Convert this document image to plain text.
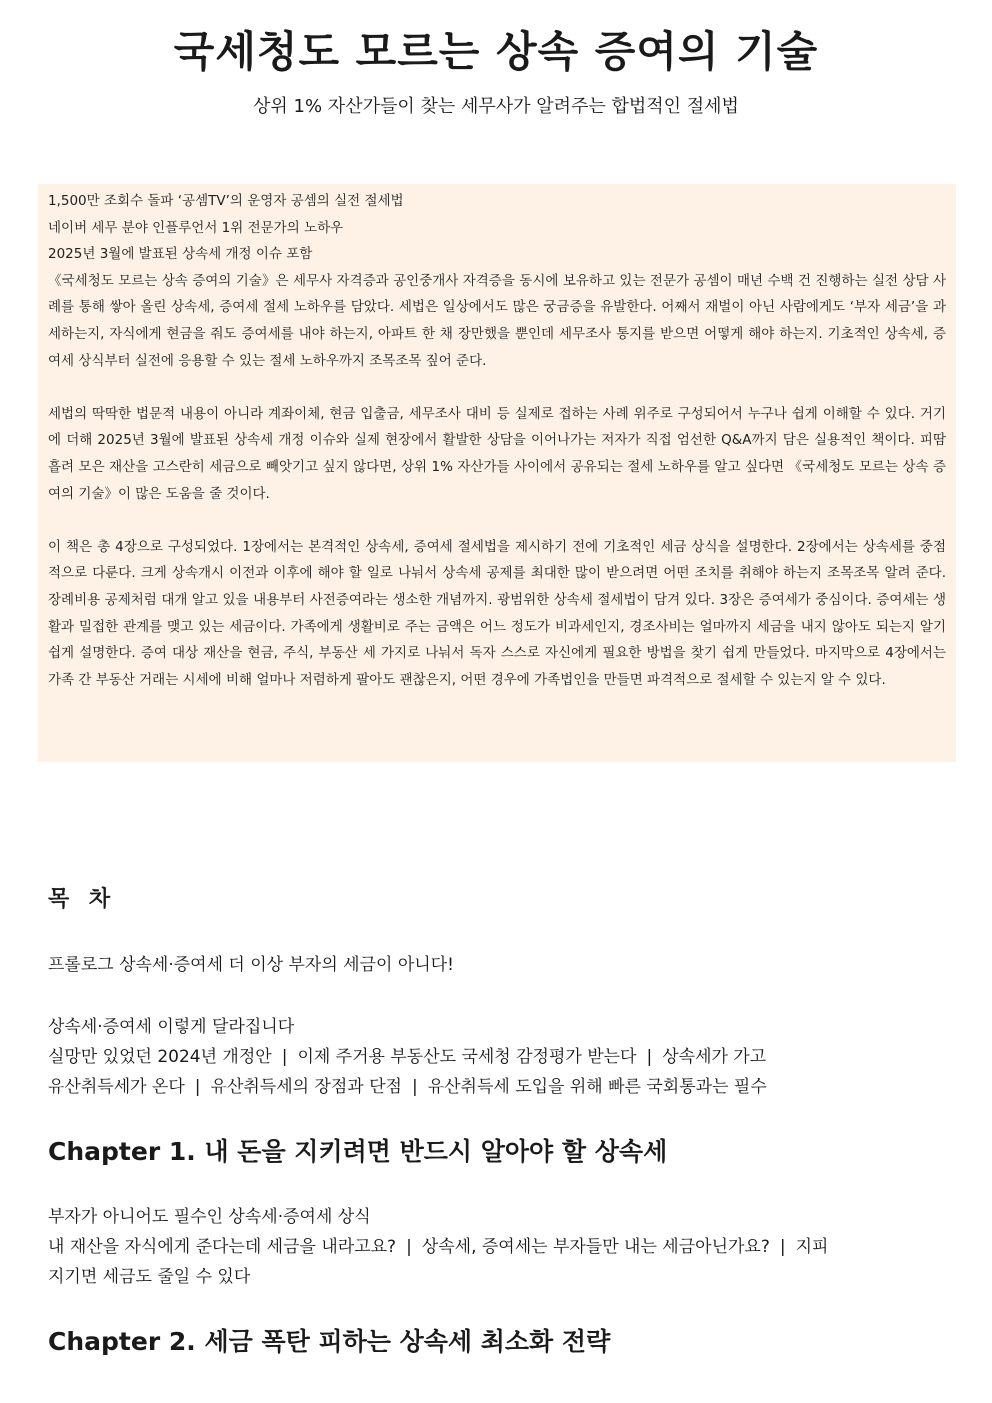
국세청도 모르는 상속 증여의 기술
상위 1% 자산가들이 찾는 세무사가 알려주는 합법적인 절세법

1,500만 조회수 돌파 ‘공셈TV’의 운영자 공셈의 실전 절세법

네이버 세무 분야 인플루언서 1위 전문가의 노하우

2025년 3월에 발표된 상속세 개정 이슈 포함

《국세청도 모르는 상속 증여의 기술》은 세무사 자격증과 공인중개사 자격증을 동시에 보유하고 있는 전문가 공셈이 매년 수백 건 진행하는 실전 상담 사례를 통해 쌓아 올린 상속세, 증여세 절세 노하우를 담았다. 세법은 일상에서도 많은 궁금증을 유발한다. 어째서 재벌이 아닌 사람에게도 ‘부자 세금’을 과세하는지, 자식에게 현금을 줘도 증여세를 내야 하는지, 아파트 한 채 장만했을 뿐인데 세무조사 통지를 받으면 어떻게 해야 하는지. 기초적인 상속세, 증여세 상식부터 실전에 응용할 수 있는 절세 노하우까지 조목조목 짚어 준다.

세법의 딱딱한 법문적 내용이 아니라 계좌이체, 현금 입출금, 세무조사 대비 등 실제로 접하는 사례 위주로 구성되어서 누구나 쉽게 이해할 수 있다. 거기에 더해 2025년 3월에 발표된 상속세 개정 이슈와 실제 현장에서 활발한 상담을 이어나가는 저자가 직접 엄선한 Q&A까지 담은 실용적인 책이다. 피땀 흘려 모은 재산을 고스란히 세금으로 빼앗기고 싶지 않다면, 상위 1% 자산가들 사이에서 공유되는 절세 노하우를 알고 싶다면 《국세청도 모르는 상속 증여의 기술》이 많은 도움을 줄 것이다.

이 책은 총 4장으로 구성되었다. 1장에서는 본격적인 상속세, 증여세 절세법을 제시하기 전에 기초적인 세금 상식을 설명한다. 2장에서는 상속세를 중점적으로 다룬다. 크게 상속개시 이전과 이후에 해야 할 일로 나눠서 상속세 공제를 최대한 많이 받으려면 어떤 조치를 취해야 하는지 조목조목 알려 준다. 장례비용 공제처럼 대개 알고 있을 내용부터 사전증여라는 생소한 개념까지. 광범위한 상속세 절세법이 담겨 있다. 3장은 증여세가 중심이다. 증여세는 생활과 밀접한 관계를 맺고 있는 세금이다. 가족에게 생활비로 주는 금액은 어느 정도가 비과세인지, 경조사비는 얼마까지 세금을 내지 않아도 되는지 알기 쉽게 설명한다. 증여 대상 재산을 현금, 주식, 부동산 세 가지로 나눠서 독자 스스로 자신에게 필요한 방법을 찾기 쉽게 만들었다. 마지막으로 4장에서는 가족 간 부동산 거래는 시세에 비해 얼마나 저렴하게 팔아도 괜찮은지, 어떤 경우에 가족법인을 만들면 파격적으로 절세할 수 있는지 알 수 있다.

목 차

프롤로그 상속세·증여세 더 이상 부자의 세금이 아니다!

상속세·증여세 이렇게 달라집니다

실망만 있었던 2024년 개정안 | 이제 주거용 부동산도 국세청 감정평가 받는다 | 상속세가 가고

유산취득세가 온다 | 유산취득세의 장점과 단점 | 유산취득세 도입을 위해 빠른 국회통과는 필수

Chapter 1. 내 돈을 지키려면 반드시 알아야 할 상속세

부자가 아니어도 필수인 상속세·증여세 상식

내 재산을 자식에게 준다는데 세금을 내라고요? | 상속세, 증여세는 부자들만 내는 세금아닌가요? | 지피

지기면 세금도 줄일 수 있다

Chapter 2. 세금 폭탄 피하는 상속세 최소화 전략
